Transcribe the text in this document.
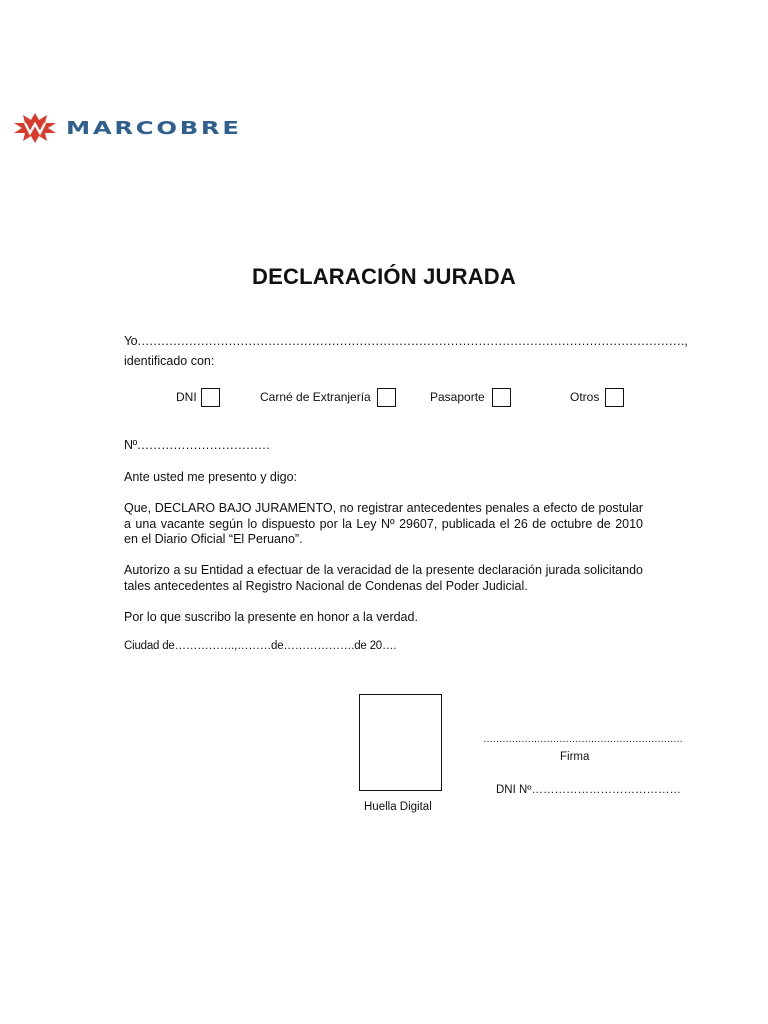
MARCOBRE
DECLARACIÓN JURADA
Yo…………………………………………………………………………………………………………………………,
identificado con:
DNI	Carné de Extranjería	Pasaporte	Otros
Nº……………………………
Ante usted me presento y digo:
Que, DECLARO BAJO JURAMENTO, no registrar antecedentes penales a efecto de postular a una vacante según lo dispuesto por la Ley Nº 29607, publicada el 26 de octubre de 2010 en el Diario Oficial “El Peruano”.
Autorizo a su Entidad a efectuar de la veracidad de la presente declaración jurada solicitando tales antecedentes al Registro Nacional de Condenas del Poder Judicial.
Por lo que suscribo la presente en honor a la verdad.
Ciudad de…………….,………de……………….de 20….
Huella Digital
………………………………………………………
Firma
DNI Nº…………………………………
